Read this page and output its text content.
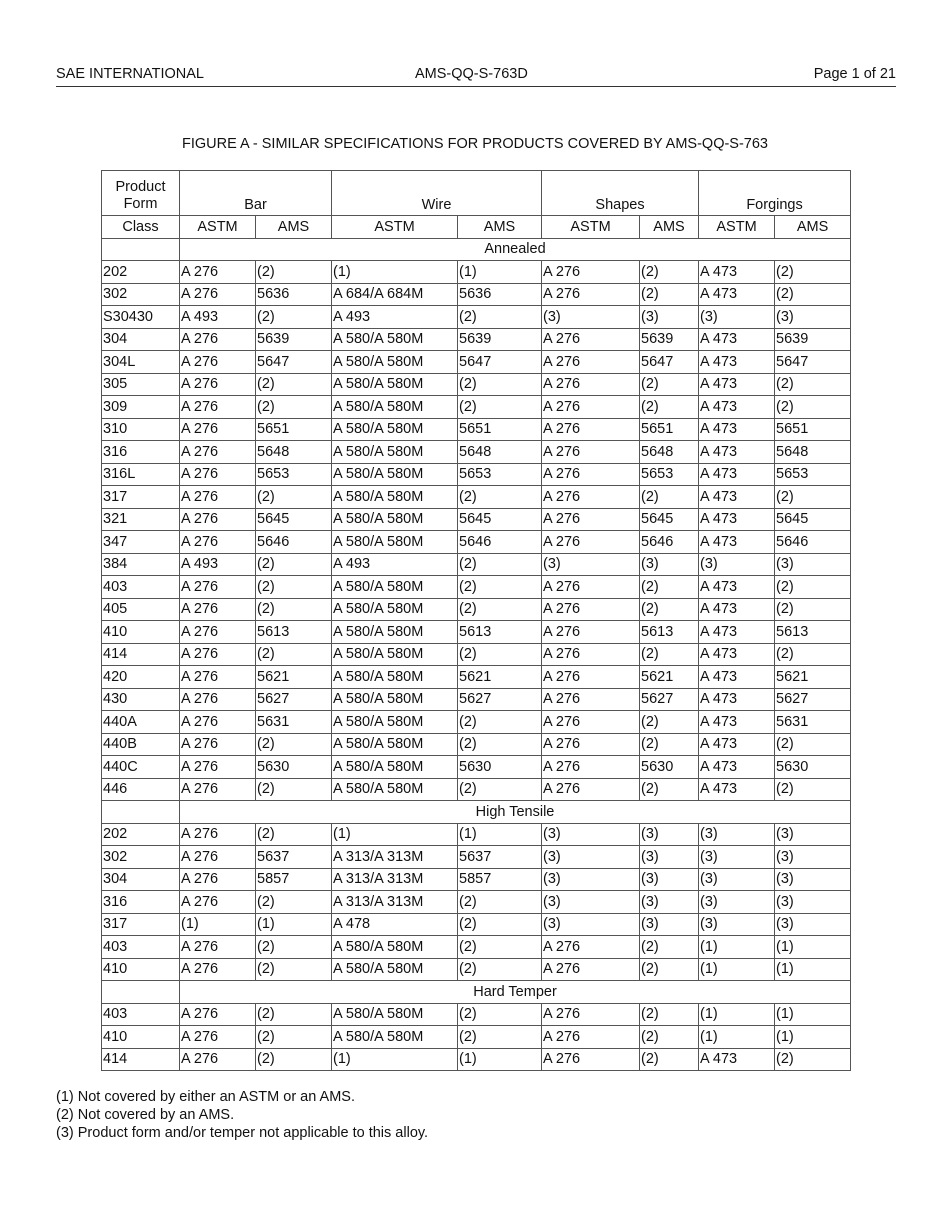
SAE INTERNATIONAL	AMS-QQ-S-763D	Page 1 of 21
FIGURE A - SIMILAR SPECIFICATIONS FOR PRODUCTS COVERED BY AMS-QQ-S-763
Product
Form	Bar		Wire		Shapes		Forgings	
Class	ASTM	AMS	ASTM	AMS	ASTM	AMS	ASTM	AMS
	Annealed							
202	A 276	(2)	(1)	(1)	A 276	(2)	A 473	(2)
302	A 276	5636	A 684/A 684M	5636	A 276	(2)	A 473	(2)
S30430	A 493	(2)	A 493	(2)	(3)	(3)	(3)	(3)
304	A 276	5639	A 580/A 580M	5639	A 276	5639	A 473	5639
304L	A 276	5647	A 580/A 580M	5647	A 276	5647	A 473	5647
305	A 276	(2)	A 580/A 580M	(2)	A 276	(2)	A 473	(2)
309	A 276	(2)	A 580/A 580M	(2)	A 276	(2)	A 473	(2)
310	A 276	5651	A 580/A 580M	5651	A 276	5651	A 473	5651
316	A 276	5648	A 580/A 580M	5648	A 276	5648	A 473	5648
316L	A 276	5653	A 580/A 580M	5653	A 276	5653	A 473	5653
317	A 276	(2)	A 580/A 580M	(2)	A 276	(2)	A 473	(2)
321	A 276	5645	A 580/A 580M	5645	A 276	5645	A 473	5645
347	A 276	5646	A 580/A 580M	5646	A 276	5646	A 473	5646
384	A 493	(2)	A 493	(2)	(3)	(3)	(3)	(3)
403	A 276	(2)	A 580/A 580M	(2)	A 276	(2)	A 473	(2)
405	A 276	(2)	A 580/A 580M	(2)	A 276	(2)	A 473	(2)
410	A 276	5613	A 580/A 580M	5613	A 276	5613	A 473	5613
414	A 276	(2)	A 580/A 580M	(2)	A 276	(2)	A 473	(2)
420	A 276	5621	A 580/A 580M	5621	A 276	5621	A 473	5621
430	A 276	5627	A 580/A 580M	5627	A 276	5627	A 473	5627
440A	A 276	5631	A 580/A 580M	(2)	A 276	(2)	A 473	5631
440B	A 276	(2)	A 580/A 580M	(2)	A 276	(2)	A 473	(2)
440C	A 276	5630	A 580/A 580M	5630	A 276	5630	A 473	5630
446	A 276	(2)	A 580/A 580M	(2)	A 276	(2)	A 473	(2)
	High Tensile							
202	A 276	(2)	(1)	(1)	(3)	(3)	(3)	(3)
302	A 276	5637	A 313/A 313M	5637	(3)	(3)	(3)	(3)
304	A 276	5857	A 313/A 313M	5857	(3)	(3)	(3)	(3)
316	A 276	(2)	A 313/A 313M	(2)	(3)	(3)	(3)	(3)
317	(1)	(1)	A 478	(2)	(3)	(3)	(3)	(3)
403	A 276	(2)	A 580/A 580M	(2)	A 276	(2)	(1)	(1)
410	A 276	(2)	A 580/A 580M	(2)	A 276	(2)	(1)	(1)
	Hard Temper							
403	A 276	(2)	A 580/A 580M	(2)	A 276	(2)	(1)	(1)
410	A 276	(2)	A 580/A 580M	(2)	A 276	(2)	(1)	(1)
414	A 276	(2)	(1)	(1)	A 276	(2)	A 473	(2)
(1) Not covered by either an ASTM or an AMS.
(2) Not covered by an AMS.
(3) Product form and/or temper not applicable to this alloy.
